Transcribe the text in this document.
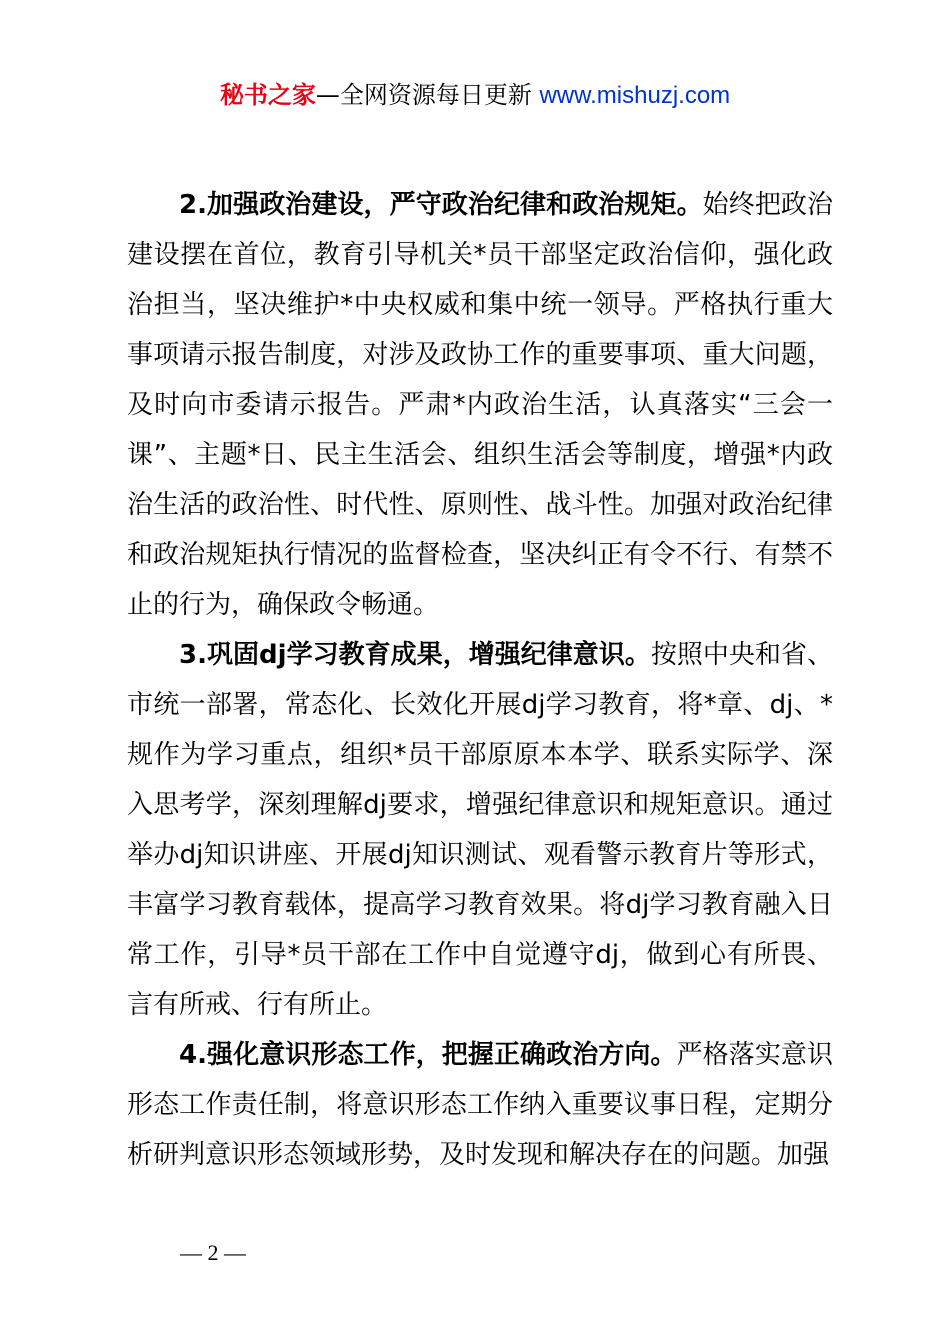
秘书之家—全网资源每日更新 www.mishuzj.com

2.加强政治建设，严守政治纪律和政治规矩。始终把政治建设摆在首位，教育引导机关*员干部坚定政治信仰，强化政治担当，坚决维护*中央权威和集中统一领导。严格执行重大事项请示报告制度，对涉及政协工作的重要事项、重大问题，及时向市委请示报告。严肃*内政治生活，认真落实“三会一课”、主题*日、民主生活会、组织生活会等制度，增强*内政治生活的政治性、时代性、原则性、战斗性。加强对政治纪律和政治规矩执行情况的监督检查，坚决纠正有令不行、有禁不止的行为，确保政令畅通。

3.巩固dj学习教育成果，增强纪律意识。按照中央和省、市统一部署，常态化、长效化开展dj学习教育，将*章、dj、*规作为学习重点，组织*员干部原原本本学、联系实际学、深入思考学，深刻理解dj要求，增强纪律意识和规矩意识。通过举办dj知识讲座、开展dj知识测试、观看警示教育片等形式，丰富学习教育载体，提高学习教育效果。将dj学习教育融入日常工作，引导*员干部在工作中自觉遵守dj，做到心有所畏、言有所戒、行有所止。

4.强化意识形态工作，把握正确政治方向。严格落实意识形态工作责任制，将意识形态工作纳入重要议事日程，定期分析研判意识形态领域形势，及时发现和解决存在的问题。加强

— 2 —
